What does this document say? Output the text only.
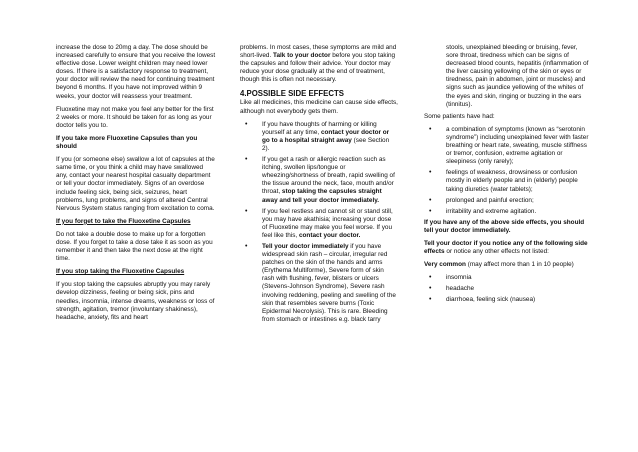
increase the dose to 20mg a day. The dose should be increased carefully to ensure that you receive the lowest effective dose. Lower weight children may need lower doses. If there is a satisfactory response to treatment, your doctor will review the need for continuing treatment beyond 6 months. If you have not improved within 9 weeks, your doctor will reassess your treatment.

Fluoxetine may not make you feel any better for the first 2 weeks or more. It should be taken for as long as your doctor tells you to.

If you take more Fluoxetine Capsules than you should

If you (or someone else) swallow a lot of capsules at the same time, or you think a child may have swallowed any, contact your nearest hospital casualty department or tell your doctor immediately. Signs of an overdose include feeling sick, being sick, seizures, heart problems, lung problems, and signs of altered Central Nervous System status ranging from excitation to coma.

If you forget to take the Fluoxetine Capsules

Do not take a double dose to make up for a forgotten dose. If you forget to take a dose take it as soon as you remember it and then take the next dose at the right time.

If you stop taking the Fluoxetine Capsules

If you stop taking the capsules abruptly you may rarely develop dizziness, feeling or being sick, pins and needles, insomnia, intense dreams, weakness or loss of strength, agitation, tremor (involuntary shakiness), headache, anxiety, fits and heart

problems. In most cases, these symptoms are mild and short-lived. Talk to your doctor before you stop taking the capsules and follow their advice. Your doctor may reduce your dose gradually at the end of treatment, though this is often not necessary.

4.POSSIBLE SIDE EFFECTS

Like all medicines, this medicine can cause side effects, although not everybody gets them.

• If you have thoughts of harming or killing yourself at any time, contact your doctor or go to a hospital straight away (see Section 2).
• If you get a rash or allergic reaction such as itching, swollen lips/tongue or wheezing/shortness of breath, rapid swelling of the tissue around the neck, face, mouth and/or throat, stop taking the capsules straight away and tell your doctor immediately.
• If you feel restless and cannot sit or stand still, you may have akathisia; increasing your dose of Fluoxetine may make you feel worse. If you feel like this, contact your doctor.
• Tell your doctor immediately if you have widespread skin rash – circular, irregular red patches on the skin of the hands and arms (Erythema Multiforme), Severe form of skin rash with flushing, fever, blisters or ulcers (Stevens-Johnson Syndrome), Severe rash involving reddening, peeling and swelling of the skin that resembles severe burns (Toxic Epidermal Necrolysis). This is rare. Bleeding from stomach or intestines e.g. black tarry

stools, unexplained bleeding or bruising, fever, sore throat, tiredness which can be signs of decreased blood counts, hepatitis (inflammation of the liver causing yellowing of the skin or eyes or tiredness, pain in abdomen, joint or muscles) and signs such as jaundice yellowing of the whites of the eyes and skin, ringing or buzzing in the ears (tinnitus).

Some patients have had:

• a combination of symptoms (known as “serotonin syndrome”) including unexplained fever with faster breathing or heart rate, sweating, muscle stiffness or tremor, confusion, extreme agitation or sleepiness (only rarely);
• feelings of weakness, drowsiness or confusion mostly in elderly people and in (elderly) people taking diuretics (water tablets);
• prolonged and painful erection;
• irritability and extreme agitation.

If you have any of the above side effects, you should tell your doctor immediately.

Tell your doctor if you notice any of the following side effects or notice any other effects not listed:

Very common (may affect more than 1 in 10 people)

• insomnia
• headache
• diarrhoea, feeling sick (nausea)
